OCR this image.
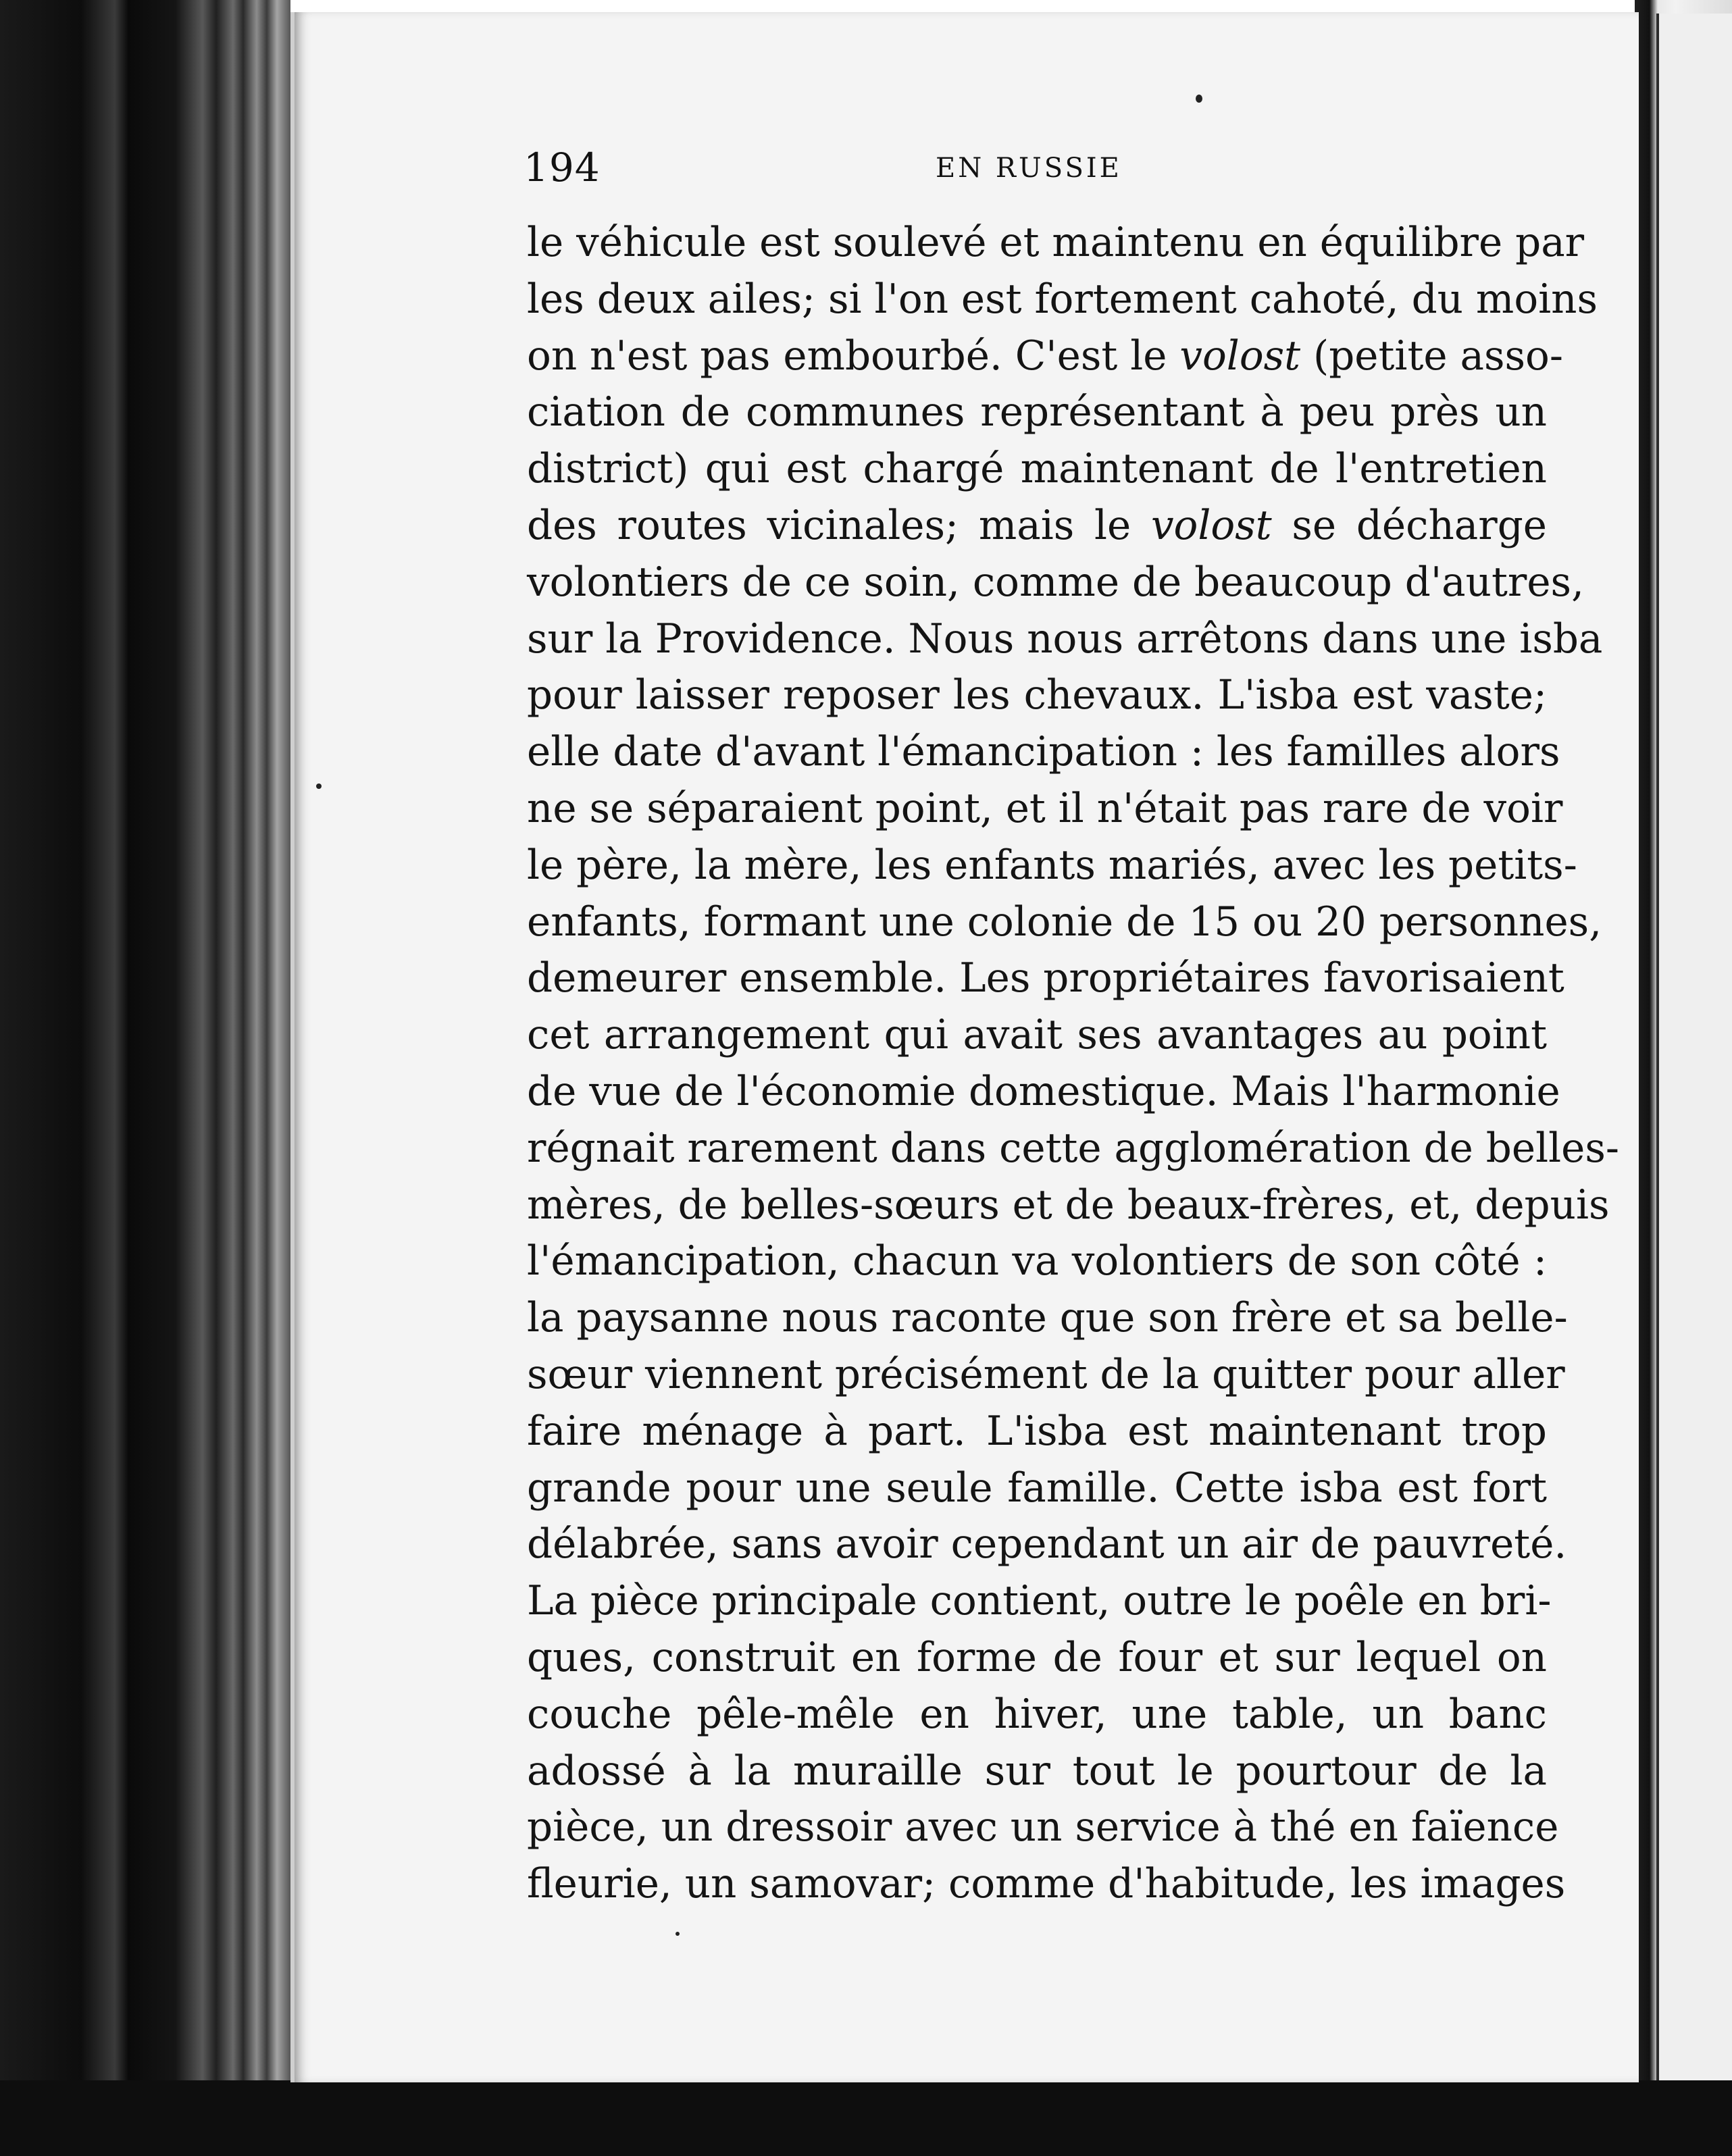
194	EN RUSSIE
le véhicule est soulevé et maintenu en équilibre par
les deux ailes; si l'on est fortement cahoté, du moins
on n'est pas embourbé. C'est le volost (petite asso-
ciation de communes représentant à peu près un
district) qui est chargé maintenant de l'entretien
des routes vicinales; mais le volost se décharge
volontiers de ce soin, comme de beaucoup d'autres,
sur la Providence. Nous nous arrêtons dans une isba
pour laisser reposer les chevaux. L'isba est vaste;
elle date d'avant l'émancipation : les familles alors
ne se séparaient point, et il n'était pas rare de voir
le père, la mère, les enfants mariés, avec les petits-
enfants, formant une colonie de 15 ou 20 personnes,
demeurer ensemble. Les propriétaires favorisaient
cet arrangement qui avait ses avantages au point
de vue de l'économie domestique. Mais l'harmonie
régnait rarement dans cette agglomération de belles-
mères, de belles-sœurs et de beaux-frères, et, depuis
l'émancipation, chacun va volontiers de son côté :
la paysanne nous raconte que son frère et sa belle-
sœur viennent précisément de la quitter pour aller
faire ménage à part. L'isba est maintenant trop
grande pour une seule famille. Cette isba est fort
délabrée, sans avoir cependant un air de pauvreté.
La pièce principale contient, outre le poêle en bri-
ques, construit en forme de four et sur lequel on
couche pêle-mêle en hiver, une table, un banc
adossé à la muraille sur tout le pourtour de la
pièce, un dressoir avec un service à thé en faïence
fleurie, un samovar; comme d'habitude, les images
